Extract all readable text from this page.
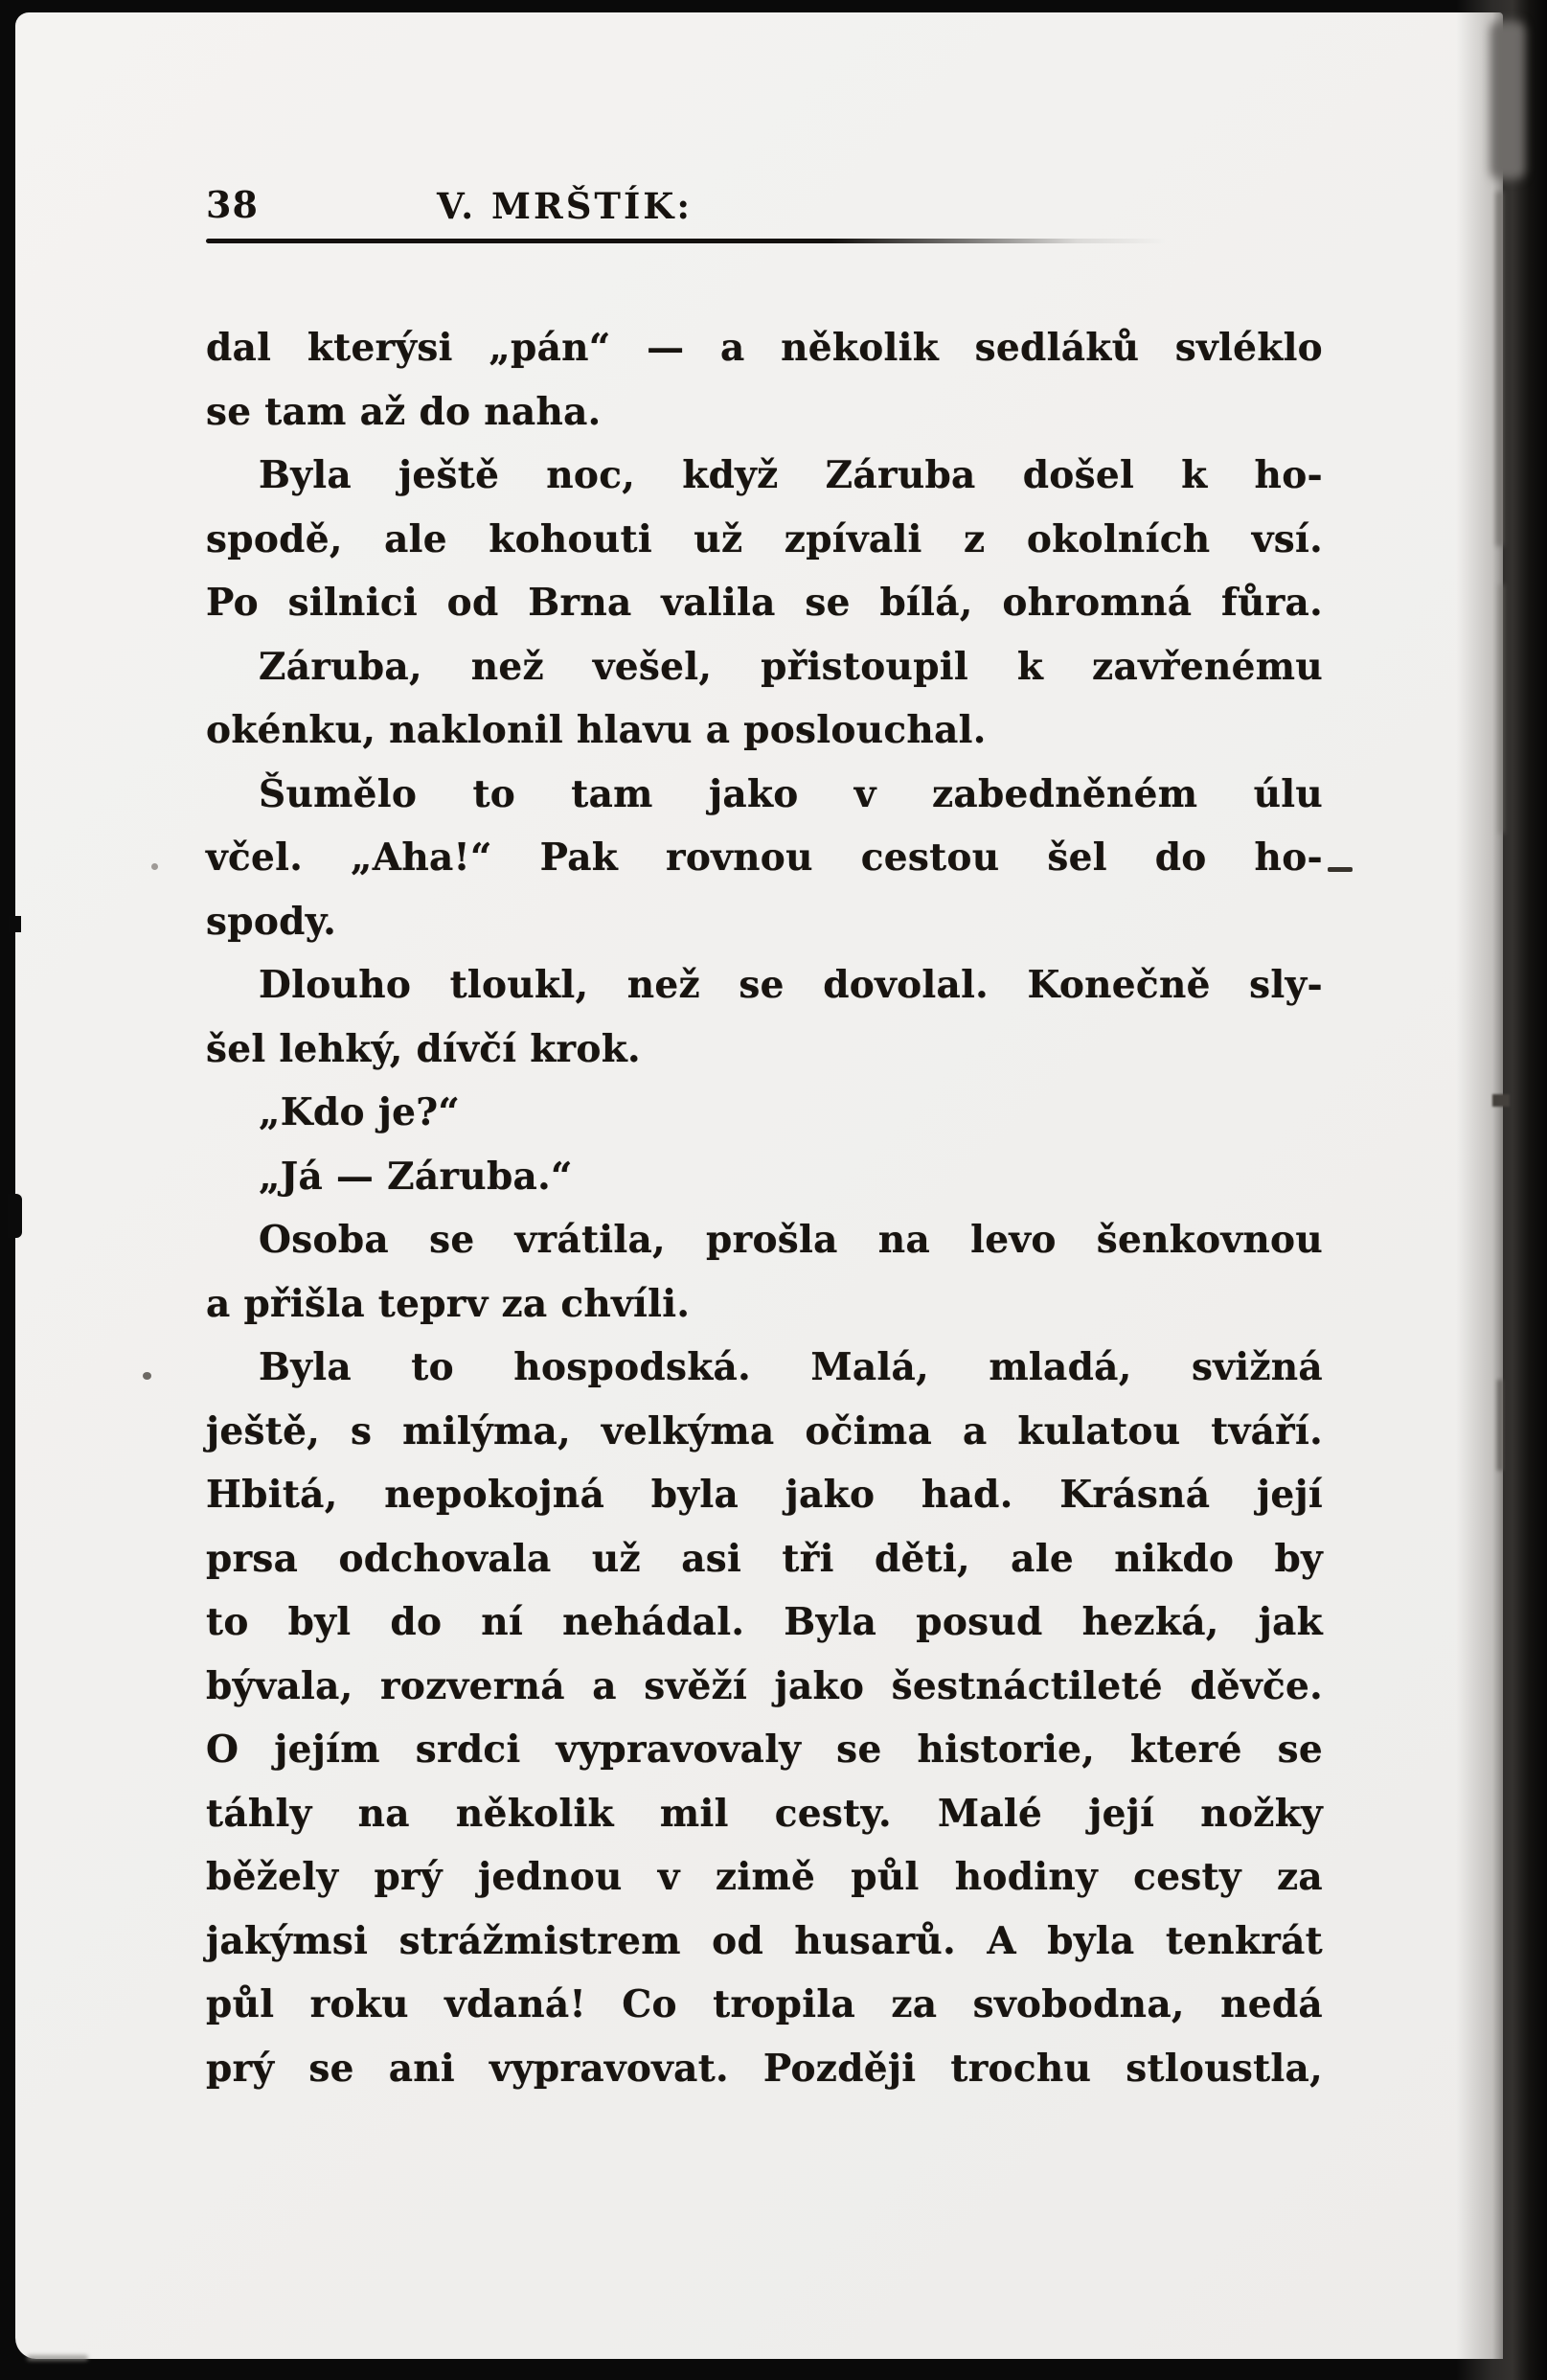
38	V. MRŠTÍK:
dal kterýsi „pán“ — a několik sedláků svléklo
se tam až do naha.
Byla ještě noc, když Záruba došel k ho-
spodě, ale kohouti už zpívali z okolních vsí.
Po silnici od Brna valila se bílá, ohromná fůra.
Záruba, než vešel, přistoupil k zavřenému
okénku, naklonil hlavu a poslouchal.
Šumělo to tam jako v zabedněném úlu
včel. „Aha!“ Pak rovnou cestou šel do ho-
spody.
Dlouho tloukl, než se dovolal. Konečně sly-
šel lehký, dívčí krok.
„Kdo je?“
„Já — Záruba.“
Osoba se vrátila, prošla na levo šenkovnou
a přišla teprv za chvíli.
Byla to hospodská. Malá, mladá, svižná
ještě, s milýma, velkýma očima a kulatou tváří.
Hbitá, nepokojná byla jako had. Krásná její
prsa odchovala už asi tři děti, ale nikdo by
to byl do ní nehádal. Byla posud hezká, jak
bývala, rozverná a svěží jako šestnáctileté děvče.
O jejím srdci vypravovaly se historie, které se
táhly na několik mil cesty. Malé její nožky
běžely prý jednou v zimě půl hodiny cesty za
jakýmsi strážmistrem od husarů. A byla tenkrát
půl roku vdaná! Co tropila za svobodna, nedá
prý se ani vypravovat. Později trochu stloustla,
